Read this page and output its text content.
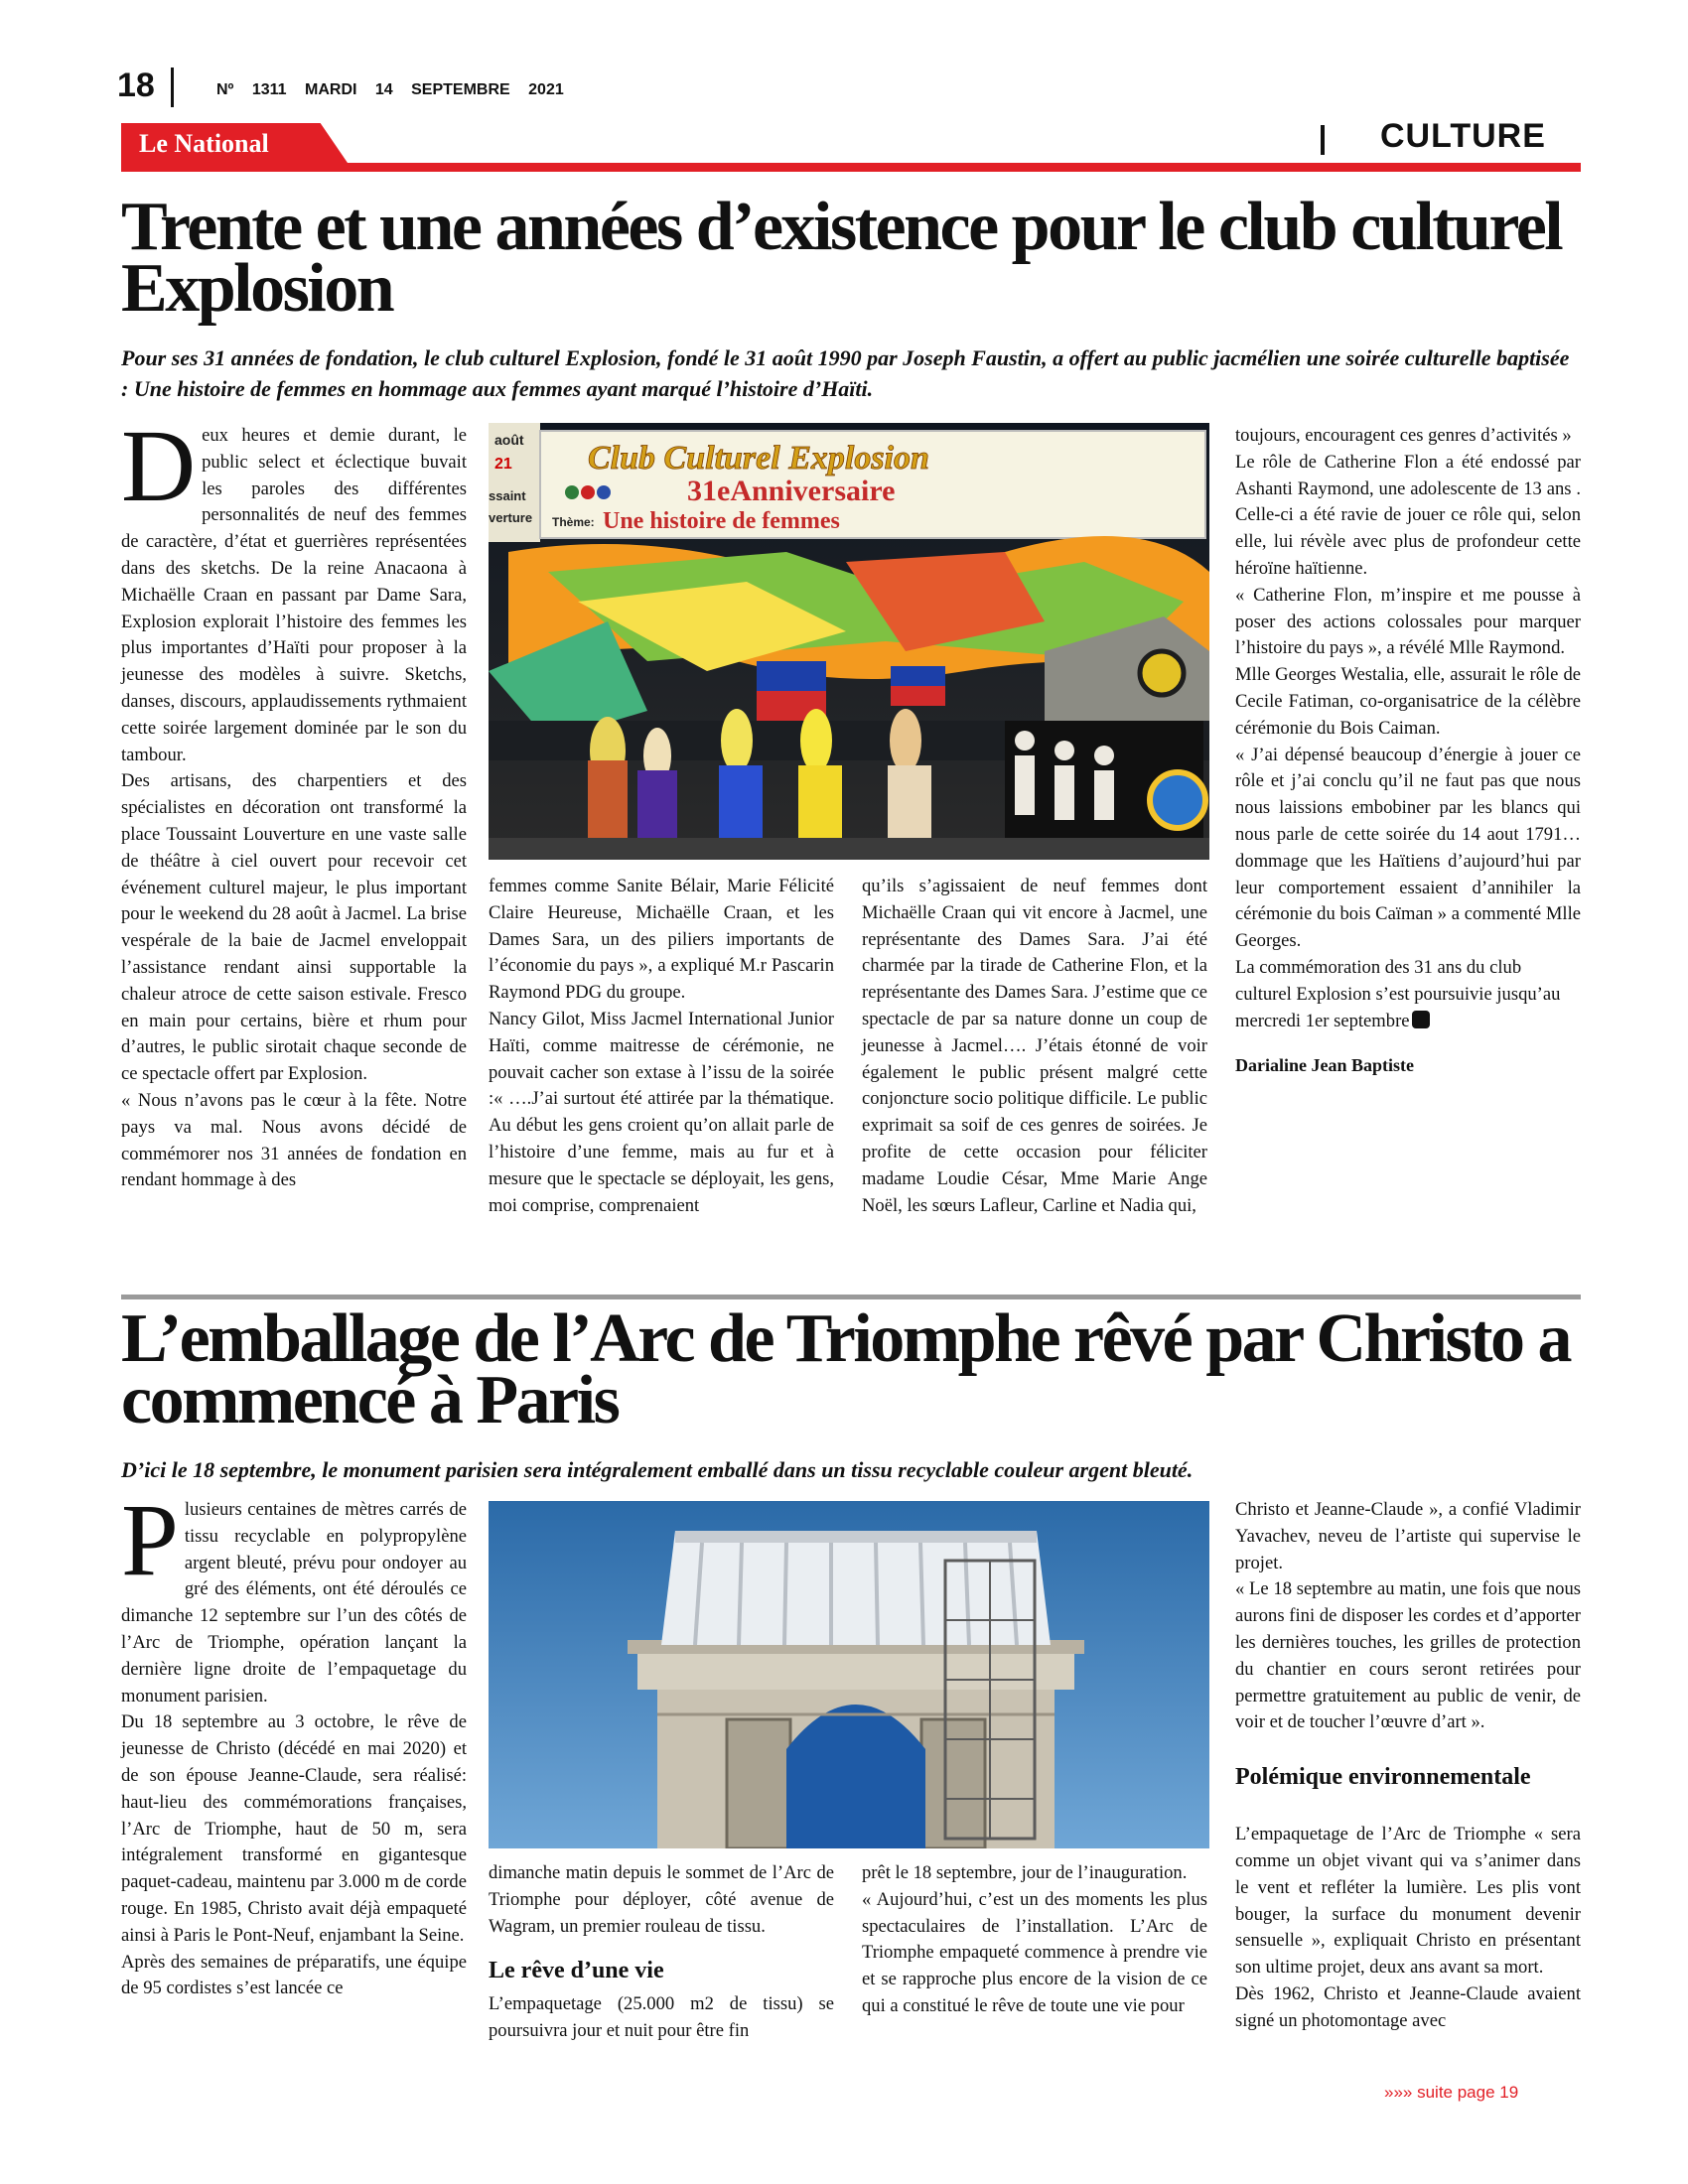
18	Nº 1311 MARDI 14 SEPTEMBRE 2021
Le National	CULTURE
Trente et une années d’existence pour le club culturel Explosion
Pour ses 31 années de fondation, le club culturel Explosion, fondé le 31 août 1990 par Joseph Faustin, a offert au public jacmélien une soirée culturelle baptisée : Une histoire de femmes en hommage aux femmes ayant marqué l’histoire d’Haïti.

Deux heures et demie durant, le public select et éclectique buvait les paroles des différentes personnalités de neuf des femmes de caractère, d’état et guerrières représentées dans des sketchs. De la reine Anacaona à Michaëlle Craan en passant par Dame Sara, Explosion explorait l’histoire des femmes les plus importantes d’Haïti pour proposer à la jeunesse des modèles à suivre. Sketchs, danses, discours, applaudissements rythmaient cette soirée largement dominée par le son du tambour.

Des artisans, des charpentiers et des spécialistes en décoration ont transformé la place Toussaint Louverture en une vaste salle de théâtre à ciel ouvert pour recevoir cet événement culturel majeur, le plus important pour le weekend du 28 août à Jacmel. La brise vespérale de la baie de Jacmel enveloppait l’assistance rendant ainsi supportable la chaleur atroce de cette saison estivale. Fresco en main pour certains, bière et rhum pour d’autres, le public sirotait chaque seconde de ce spectacle offert par Explosion.

« Nous n’avons pas le cœur à la fête. Notre pays va mal. Nous avons décidé de commémorer nos 31 années de fondation en rendant hommage à des

août
21
ssaint
verture
Club Culturel Explosion
31eAnniversaire
Thème: Une histoire de femmes

femmes comme Sanite Bélair, Marie Félicité Claire Heureuse, Michaëlle Craan, et les Dames Sara, un des piliers importants de l’économie du pays », a expliqué M.r Pascarin Raymond PDG du groupe.

Nancy Gilot, Miss Jacmel International Junior Haïti, comme maitresse de cérémonie, ne pouvait cacher son extase à l’issu de la soirée :« ….J’ai surtout été attirée par la thématique. Au début les gens croient qu’on allait parle de l’histoire d’une femme, mais au fur et à mesure que le spectacle se déployait, les gens, moi comprise, comprenaient

qu’ils s’agissaient de neuf femmes dont Michaëlle Craan qui vit encore à Jacmel, une représentante des Dames Sara. J’ai été charmée par la tirade de Catherine Flon, et la représentante des Dames Sara. J’estime que ce spectacle de par sa nature donne un coup de jeunesse à Jacmel…. J’étais étonné de voir également le public présent malgré cette conjoncture socio politique difficile. Le public exprimait sa soif de ces genres de soirées. Je profite de cette occasion pour féliciter madame Loudie César, Mme Marie Ange Noël, les sœurs Lafleur, Carline et Nadia qui,

toujours, encouragent ces genres d’activités »

Le rôle de Catherine Flon a été endossé par Ashanti Raymond, une adolescente de 13 ans . Celle-ci a été ravie de jouer ce rôle qui, selon elle, lui révèle avec plus de profondeur cette héroïne haïtienne.

« Catherine Flon, m’inspire et me pousse à poser des actions colossales pour marquer l’histoire du pays », a révélé Mlle Raymond.

Mlle Georges Westalia, elle, assurait le rôle de Cecile Fatiman, co-organisatrice de la célèbre cérémonie du Bois Caiman.

« J’ai dépensé beaucoup d’énergie à jouer ce rôle et j’ai conclu qu’il ne faut pas que nous nous laissions embobiner par les blancs qui nous parle de cette soirée du 14 aout 1791… dommage que les Haïtiens d’aujourd’hui par leur comportement essaient d’annihiler la cérémonie du bois Caïman » a commenté Mlle Georges.

La commémoration des 31 ans du club culturel Explosion s’est poursuivie jusqu’au mercredi 1er septembre

Darialine Jean Baptiste

L’emballage de l’Arc de Triomphe rêvé par Christo a commencé à Paris
D’ici le 18 septembre, le monument parisien sera intégralement emballé dans un tissu recyclable couleur argent bleuté.

Plusieurs centaines de mètres carrés de tissu recyclable en polypropylène argent bleuté, prévu pour ondoyer au gré des éléments, ont été déroulés ce dimanche 12 septembre sur l’un des côtés de l’Arc de Triomphe, opération lançant la dernière ligne droite de l’empaquetage du monument parisien.

Du 18 septembre au 3 octobre, le rêve de jeunesse de Christo (décédé en mai 2020) et de son épouse Jeanne-Claude, sera réalisé: haut-lieu des commémorations françaises, l’Arc de Triomphe, haut de 50 m, sera intégralement transformé en gigantesque paquet-cadeau, maintenu par 3.000 m de corde rouge. En 1985, Christo avait déjà empaqueté ainsi à Paris le Pont-Neuf, enjambant la Seine.

Après des semaines de préparatifs, une équipe de 95 cordistes s’est lancée ce

dimanche matin depuis le sommet de l’Arc de Triomphe pour déployer, côté avenue de Wagram, un premier rouleau de tissu.

Le rêve d’une vie

L’empaquetage (25.000 m2 de tissu) se poursuivra jour et nuit pour être fin

prêt le 18 septembre, jour de l’inauguration.

« Aujourd’hui, c’est un des moments les plus spectaculaires de l’installation. L’Arc de Triomphe empaqueté commence à prendre vie et se rapproche plus encore de la vision de ce qui a constitué le rêve de toute une vie pour

Christo et Jeanne-Claude », a confié Vladimir Yavachev, neveu de l’artiste qui supervise le projet.

« Le 18 septembre au matin, une fois que nous aurons fini de disposer les cordes et d’apporter les dernières touches, les grilles de protection du chantier en cours seront retirées pour permettre gratuitement au public de venir, de voir et de toucher l’œuvre d’art ».

Polémique environnementale

L’empaquetage de l’Arc de Triomphe « sera comme un objet vivant qui va s’animer dans le vent et refléter la lumière. Les plis vont bouger, la surface du monument devenir sensuelle », expliquait Christo en présentant son ultime projet, deux ans avant sa mort.

Dès 1962, Christo et Jeanne-Claude avaient signé un photomontage avec

»»» suite page 19
